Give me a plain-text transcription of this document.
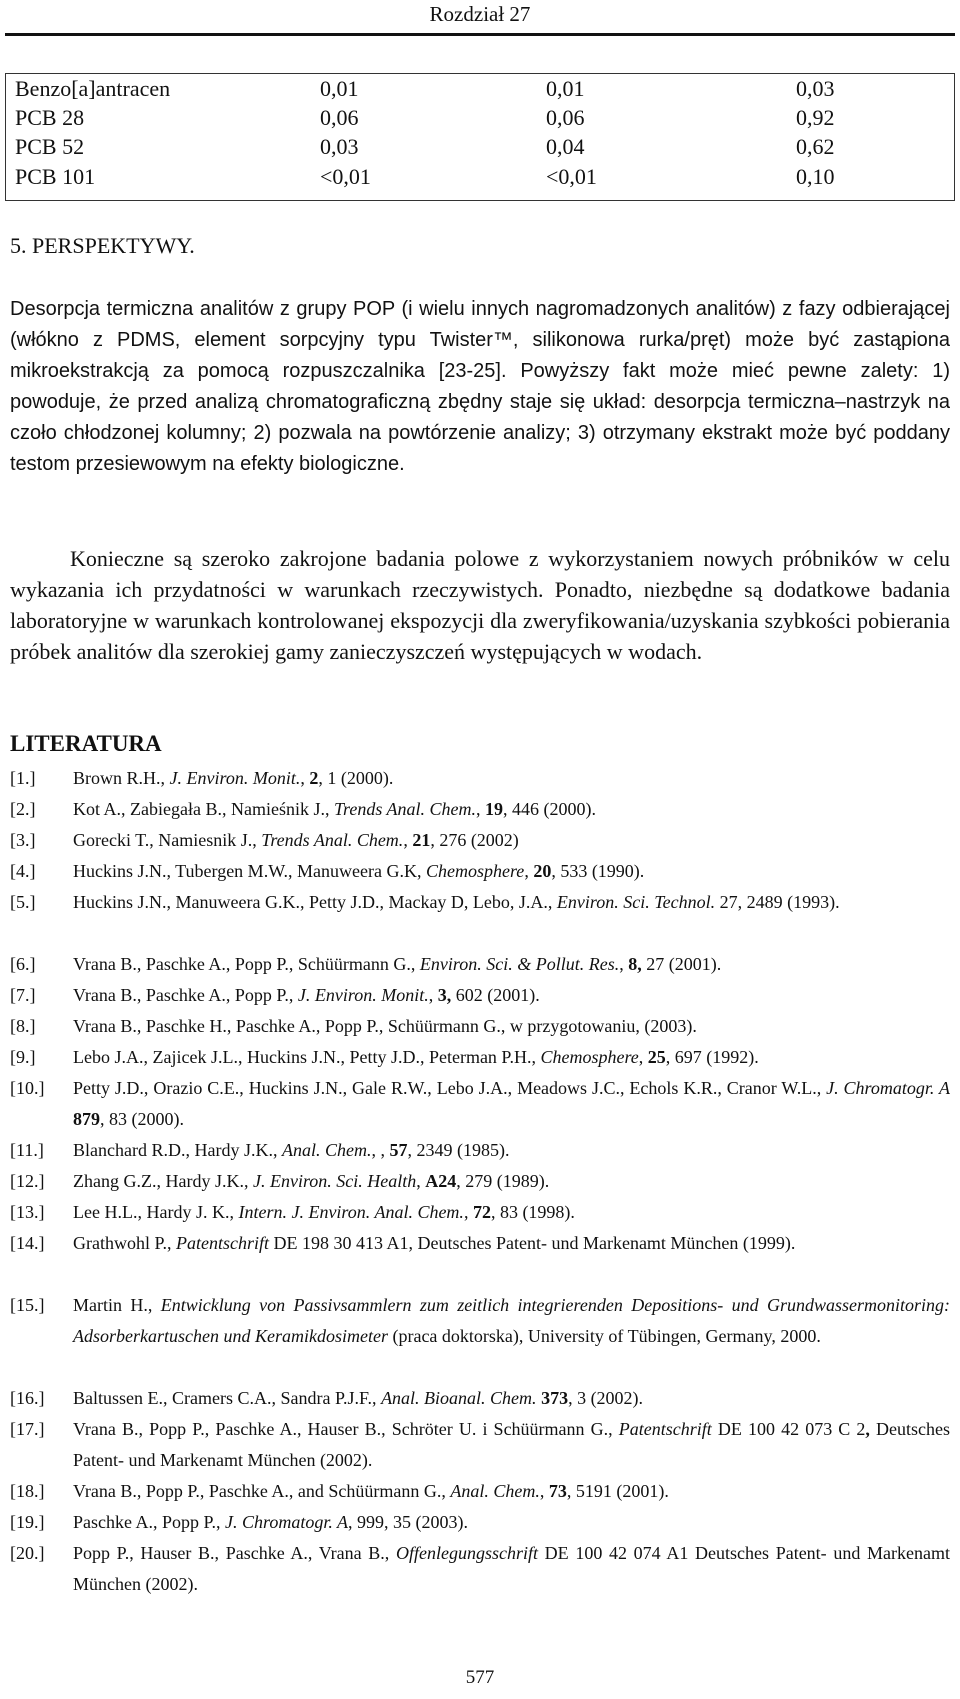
Rozdział 27
Benzo[a]antracen	0,01	0,01	0,03
PCB 28	0,06	0,06	0,92
PCB 52	0,03	0,04	0,62
PCB 101	<0,01	<0,01	0,10
5. PERSPEKTYWY.
Desorpcja termiczna analitów z grupy POP (i wielu innych nagromadzonych analitów) z fazy odbierającej (włókno z PDMS, element sorpcyjny typu Twister™, silikonowa rurka/pręt) może być zastąpiona mikroekstrakcją za pomocą rozpuszczalnika [23-25]. Powyższy fakt może mieć pewne zalety: 1) powoduje, że przed analizą chromatograficzną zbędny staje się układ: desorpcja termiczna–nastrzyk na czoło chłodzonej kolumny; 2) pozwala na powtórzenie analizy; 3) otrzymany ekstrakt może być poddany testom przesiewowym na efekty biologiczne.
Konieczne są szeroko zakrojone badania polowe z wykorzystaniem nowych próbników w celu wykazania ich przydatności w warunkach rzeczywistych. Ponadto, niezbędne są dodatkowe badania laboratoryjne w warunkach kontrolowanej ekspozycji dla zweryfikowania/uzyskania szybkości pobierania próbek analitów dla szerokiej gamy zanieczyszczeń występujących w wodach.
LITERATURA
[1.] Brown R.H., J. Environ. Monit., 2, 1 (2000).
[2.] Kot A., Zabiegała B., Namieśnik J., Trends Anal. Chem., 19, 446 (2000).
[3.] Gorecki T., Namiesnik J., Trends Anal. Chem., 21, 276 (2002)
[4.] Huckins J.N., Tubergen M.W., Manuweera G.K, Chemosphere, 20, 533 (1990).
[5.] Huckins J.N., Manuweera G.K., Petty J.D., Mackay D, Lebo, J.A., Environ. Sci. Technol. 27, 2489 (1993).
[6.] Vrana B., Paschke A., Popp P., Schüürmann G., Environ. Sci. & Pollut. Res., 8, 27 (2001).
[7.] Vrana B., Paschke A., Popp P., J. Environ. Monit., 3, 602 (2001).
[8.] Vrana B., Paschke H., Paschke A., Popp P., Schüürmann G., w przygotowaniu, (2003).
[9.] Lebo J.A., Zajicek J.L., Huckins J.N., Petty J.D., Peterman P.H., Chemosphere, 25, 697 (1992).
[10.] Petty J.D., Orazio C.E., Huckins J.N., Gale R.W., Lebo J.A., Meadows J.C., Echols K.R., Cranor W.L., J. Chromatogr. A 879, 83 (2000).
[11.] Blanchard R.D., Hardy J.K., Anal. Chem., , 57, 2349 (1985).
[12.] Zhang G.Z., Hardy J.K., J. Environ. Sci. Health, A24, 279 (1989).
[13.] Lee H.L., Hardy J. K., Intern. J. Environ. Anal. Chem., 72, 83 (1998).
[14.] Grathwohl P., Patentschrift DE 198 30 413 A1, Deutsches Patent- und Markenamt München (1999).
[15.] Martin H., Entwicklung von Passivsammlern zum zeitlich integrierenden Depositions- und Grundwassermonitoring: Adsorberkartuschen und Keramikdosimeter (praca doktorska), University of Tübingen, Germany, 2000.
[16.] Baltussen E., Cramers C.A., Sandra P.J.F., Anal. Bioanal. Chem. 373, 3 (2002).
[17.] Vrana B., Popp P., Paschke A., Hauser B., Schröter U. i Schüürmann G., Patentschrift DE 100 42 073 C 2, Deutsches Patent- und Markenamt München (2002).
[18.] Vrana B., Popp P., Paschke A., and Schüürmann G., Anal. Chem., 73, 5191 (2001).
[19.] Paschke A., Popp P., J. Chromatogr. A, 999, 35 (2003).
[20.] Popp P., Hauser B., Paschke A., Vrana B., Offenlegungsschrift DE 100 42 074 A1 Deutsches Patent- und Markenamt München (2002).
577
